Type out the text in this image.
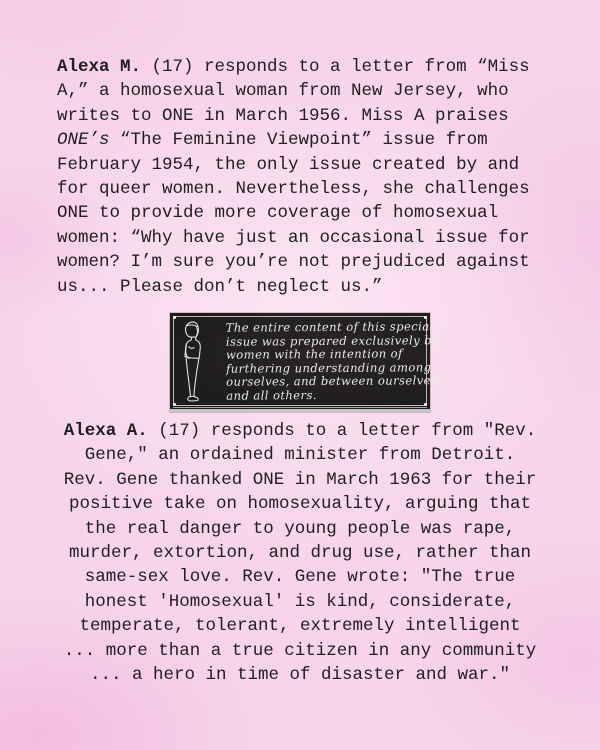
Alexa M. (17) responds to a letter from “Miss
A,” a homosexual woman from New Jersey, who
writes to ONE in March 1956. Miss A praises
ONE’s “The Feminine Viewpoint” issue from
February 1954, the only issue created by and
for queer women. Nevertheless, she challenges
ONE to provide more coverage of homosexual
women: “Why have just an occasional issue for
women? I’m sure you’re not prejudiced against
us... Please don’t neglect us.”
The entire content of this special
issue was prepared exclusively by
women with the intention of
furthering understanding among
ourselves, and between ourselves
and all others.
Alexa A. (17) responds to a letter from "Rev.
Gene," an ordained minister from Detroit.
Rev. Gene thanked ONE in March 1963 for their
positive take on homosexuality, arguing that
the real danger to young people was rape,
murder, extortion, and drug use, rather than
same-sex love. Rev. Gene wrote: "The true
honest 'Homosexual' is kind, considerate,
temperate, tolerant, extremely intelligent
... more than a true citizen in any community
... a hero in time of disaster and war."
